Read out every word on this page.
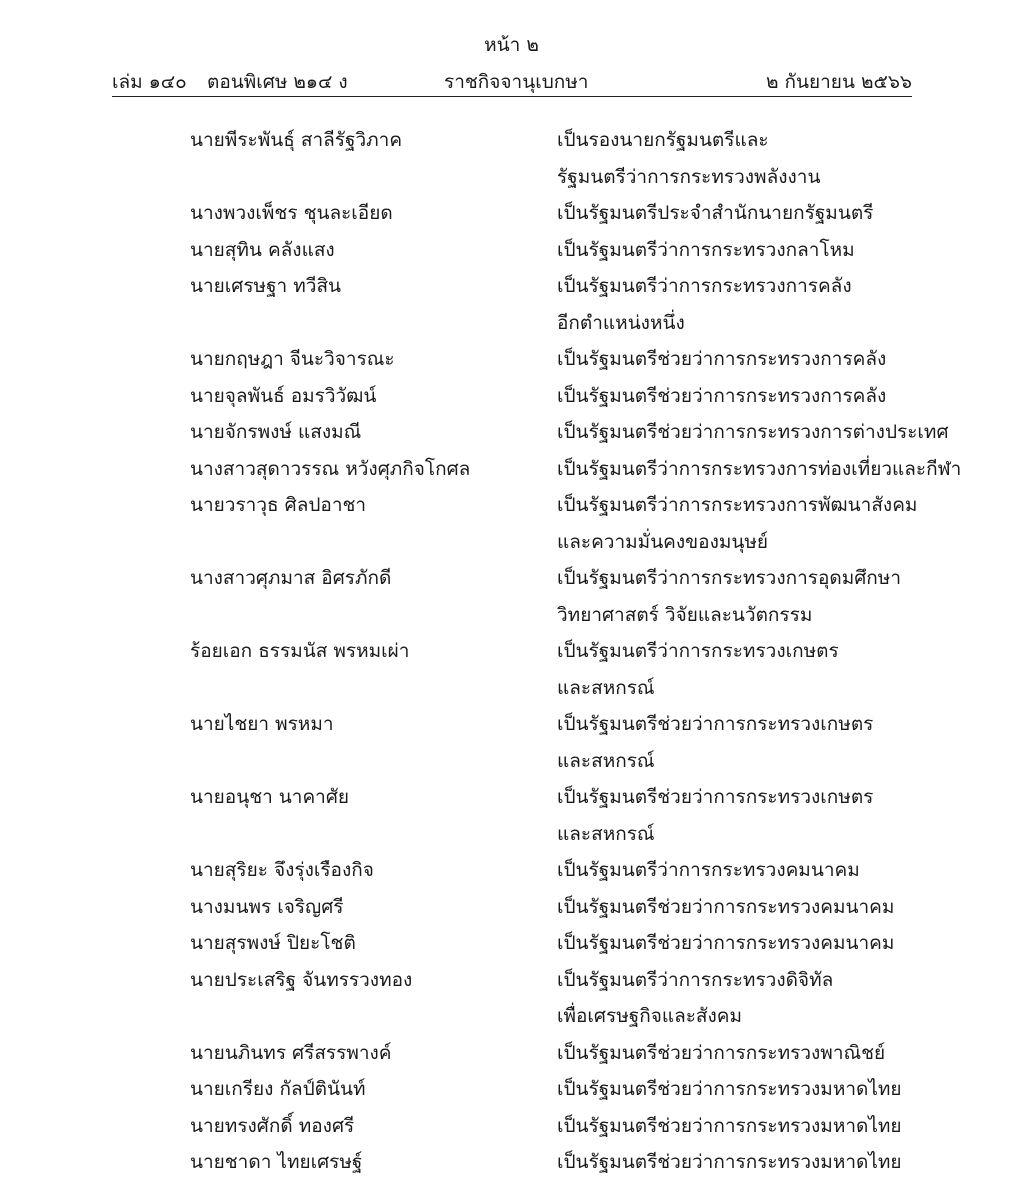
หน้า ๒
เล่ม ๑๔๐ ตอนพิเศษ ๒๑๔ ง	ราชกิจจานุเบกษา	๒ กันยายน ๒๕๖๖
นายพีระพันธุ์ สาลีรัฐวิภาค	เป็นรองนายกรัฐมนตรีและ
รัฐมนตรีว่าการกระทรวงพลังงาน
นางพวงเพ็ชร ชุนละเอียด	เป็นรัฐมนตรีประจำสำนักนายกรัฐมนตรี
นายสุทิน คลังแสง	เป็นรัฐมนตรีว่าการกระทรวงกลาโหม
นายเศรษฐา ทวีสิน	เป็นรัฐมนตรีว่าการกระทรวงการคลัง
อีกตำแหน่งหนึ่ง
นายกฤษฎา จีนะวิจารณะ	เป็นรัฐมนตรีช่วยว่าการกระทรวงการคลัง
นายจุลพันธ์ อมรวิวัฒน์	เป็นรัฐมนตรีช่วยว่าการกระทรวงการคลัง
นายจักรพงษ์ แสงมณี	เป็นรัฐมนตรีช่วยว่าการกระทรวงการต่างประเทศ
นางสาวสุดาวรรณ หวังศุภกิจโกศล	เป็นรัฐมนตรีว่าการกระทรวงการท่องเที่ยวและกีฬา
นายวราวุธ ศิลปอาชา	เป็นรัฐมนตรีว่าการกระทรวงการพัฒนาสังคม
และความมั่นคงของมนุษย์
นางสาวศุภมาส อิศรภักดี	เป็นรัฐมนตรีว่าการกระทรวงการอุดมศึกษา
วิทยาศาสตร์ วิจัยและนวัตกรรม
ร้อยเอก ธรรมนัส พรหมเผ่า	เป็นรัฐมนตรีว่าการกระทรวงเกษตร
และสหกรณ์
นายไชยา พรหมา	เป็นรัฐมนตรีช่วยว่าการกระทรวงเกษตร
และสหกรณ์
นายอนุชา นาคาศัย	เป็นรัฐมนตรีช่วยว่าการกระทรวงเกษตร
และสหกรณ์
นายสุริยะ จึงรุ่งเรืองกิจ	เป็นรัฐมนตรีว่าการกระทรวงคมนาคม
นางมนพร เจริญศรี	เป็นรัฐมนตรีช่วยว่าการกระทรวงคมนาคม
นายสุรพงษ์ ปิยะโชติ	เป็นรัฐมนตรีช่วยว่าการกระทรวงคมนาคม
นายประเสริฐ จันทรรวงทอง	เป็นรัฐมนตรีว่าการกระทรวงดิจิทัล
เพื่อเศรษฐกิจและสังคม
นายนภินทร ศรีสรรพางค์	เป็นรัฐมนตรีช่วยว่าการกระทรวงพาณิชย์
นายเกรียง กัลป์ตินันท์	เป็นรัฐมนตรีช่วยว่าการกระทรวงมหาดไทย
นายทรงศักดิ์ ทองศรี	เป็นรัฐมนตรีช่วยว่าการกระทรวงมหาดไทย
นายชาดา ไทยเศรษฐ์	เป็นรัฐมนตรีช่วยว่าการกระทรวงมหาดไทย
